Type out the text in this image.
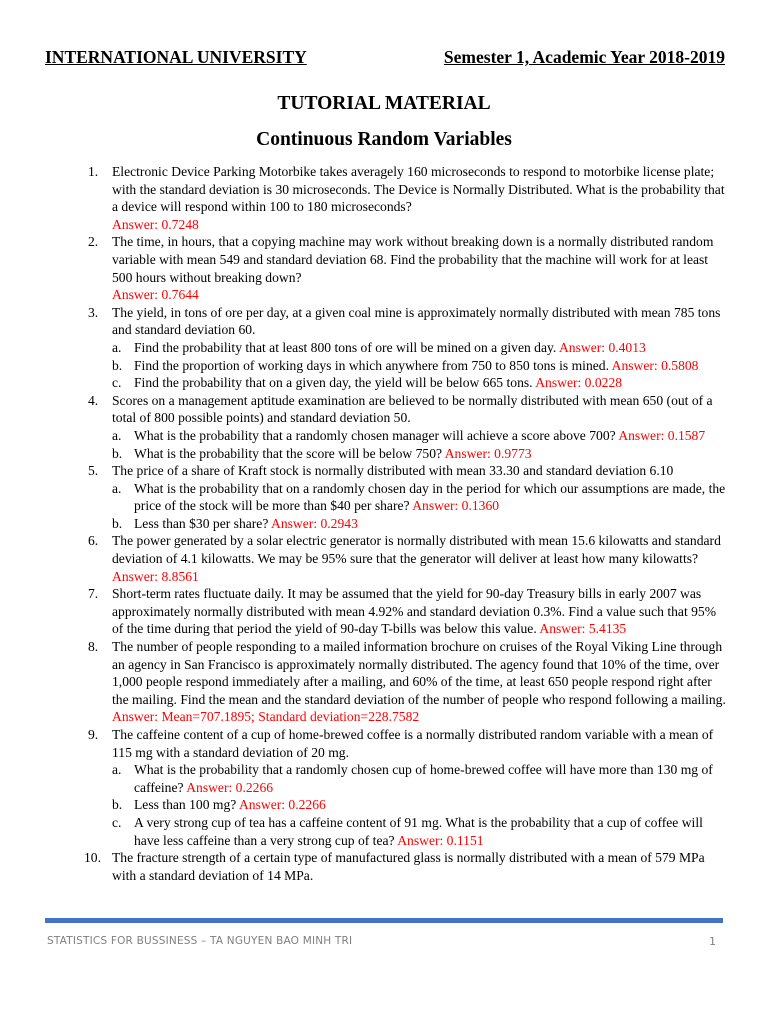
INTERNATIONAL UNIVERSITY	Semester 1, Academic Year 2018-2019
TUTORIAL MATERIAL
Continuous Random Variables
1. Electronic Device Parking Motorbike takes averagely 160 microseconds to respond to motorbike license plate; with the standard deviation is 30 microseconds. The Device is Normally Distributed. What is the probability that a device will respond within 100 to 180 microseconds?
Answer: 0.7248
2. The time, in hours, that a copying machine may work without breaking down is a normally distributed random variable with mean 549 and standard deviation 68. Find the probability that the machine will work for at least 500 hours without breaking down?
Answer: 0.7644
3. The yield, in tons of ore per day, at a given coal mine is approximately normally distributed with mean 785 tons and standard deviation 60.
a. Find the probability that at least 800 tons of ore will be mined on a given day. Answer: 0.4013
b. Find the proportion of working days in which anywhere from 750 to 850 tons is mined. Answer: 0.5808
c. Find the probability that on a given day, the yield will be below 665 tons. Answer: 0.0228
4. Scores on a management aptitude examination are believed to be normally distributed with mean 650 (out of a total of 800 possible points) and standard deviation 50.
a. What is the probability that a randomly chosen manager will achieve a score above 700? Answer: 0.1587
b. What is the probability that the score will be below 750? Answer: 0.9773
5. The price of a share of Kraft stock is normally distributed with mean 33.30 and standard deviation 6.10
a. What is the probability that on a randomly chosen day in the period for which our assumptions are made, the price of the stock will be more than $40 per share? Answer: 0.1360
b. Less than $30 per share? Answer: 0.2943
6. The power generated by a solar electric generator is normally distributed with mean 15.6 kilowatts and standard deviation of 4.1 kilowatts. We may be 95% sure that the generator will deliver at least how many kilowatts? Answer: 8.8561
7. Short-term rates fluctuate daily. It may be assumed that the yield for 90-day Treasury bills in early 2007 was approximately normally distributed with mean 4.92% and standard deviation 0.3%. Find a value such that 95% of the time during that period the yield of 90-day T-bills was below this value. Answer: 5.4135
8. The number of people responding to a mailed information brochure on cruises of the Royal Viking Line through an agency in San Francisco is approximately normally distributed. The agency found that 10% of the time, over 1,000 people respond immediately after a mailing, and 60% of the time, at least 650 people respond right after the mailing. Find the mean and the standard deviation of the number of people who respond following a mailing. Answer: Mean=707.1895; Standard deviation=228.7582
9. The caffeine content of a cup of home-brewed coffee is a normally distributed random variable with a mean of 115 mg with a standard deviation of 20 mg.
a. What is the probability that a randomly chosen cup of home-brewed coffee will have more than 130 mg of caffeine? Answer: 0.2266
b. Less than 100 mg? Answer: 0.2266
c. A very strong cup of tea has a caffeine content of 91 mg. What is the probability that a cup of coffee will have less caffeine than a very strong cup of tea? Answer: 0.1151
10. The fracture strength of a certain type of manufactured glass is normally distributed with a mean of 579 MPa with a standard deviation of 14 MPa.
STATISTICS FOR BUSSINESS – TA NGUYEN BAO MINH TRI	1
